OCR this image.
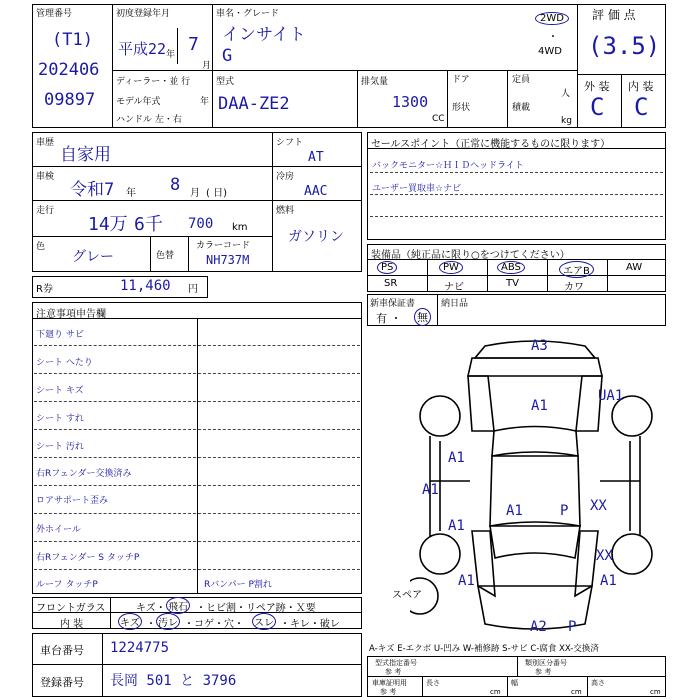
管理番号
(T1)
202406
09897
初度登録年月
平成22 年 7
月
車名・グレード
インサイト
G
2WD
・
4WD
ディーラー・並 行
モデル年式	年
ハンドル 左・右
型式
DAA-ZE2
排気量
1300
CC
ドア
形状
定員
人
積載
kg
評 価 点
(3.5)
外 装 内 装
C C
車歴
自家用
車検
令和7 年 8 月 ( 日)
走行
14万 6千 700 km
色
グレー	色替
カラーコード
NH737M
シフト
AT
冷房
AAC
燃料
ガソリン
R券	11,460 円
セールスポイント（正常に機能するものに限ります）
バックモニター☆ＨＩＤヘッドライト
ユーザー買取車☆ナビ
装備品（純正品に限り○をつけてください）
PS	PW	ABS	エアB	AW
SR	ナビ	TV	カワ
新車保証書
有 ・ 無
納日品
注意事項申告欄
下廻り サビ
シート へたり
シート キズ
シート すれ
シート 汚れ
右Rフェンダー交換済み
ロアサポート歪み
外ホイール
右Rフェンダー S タッチP
ルーフ タッチP	Rバンパー P割れ
フロントガラス	キズ・ 飛石 ・ヒビ割・リペア跡・Ｘ要
内 装	キズ ・ 汚レ ・コゲ・穴・ スレ ・キレ・破レ
車台番号 1224775
登録番号 長岡 501 と 3796
A3
A1
UA1
A1
A1
A1
A1	P XX
XX
A1	A1
A2 P
スペア
A-キズ E-エクボ U-凹み W-補修跡 S-サビ C-腐食 XX-交換済
型式指定番号
参 考
類別区分番号
参 考
車庫証明用
参 考
長さ
cm
幅
cm
高さ
cm
